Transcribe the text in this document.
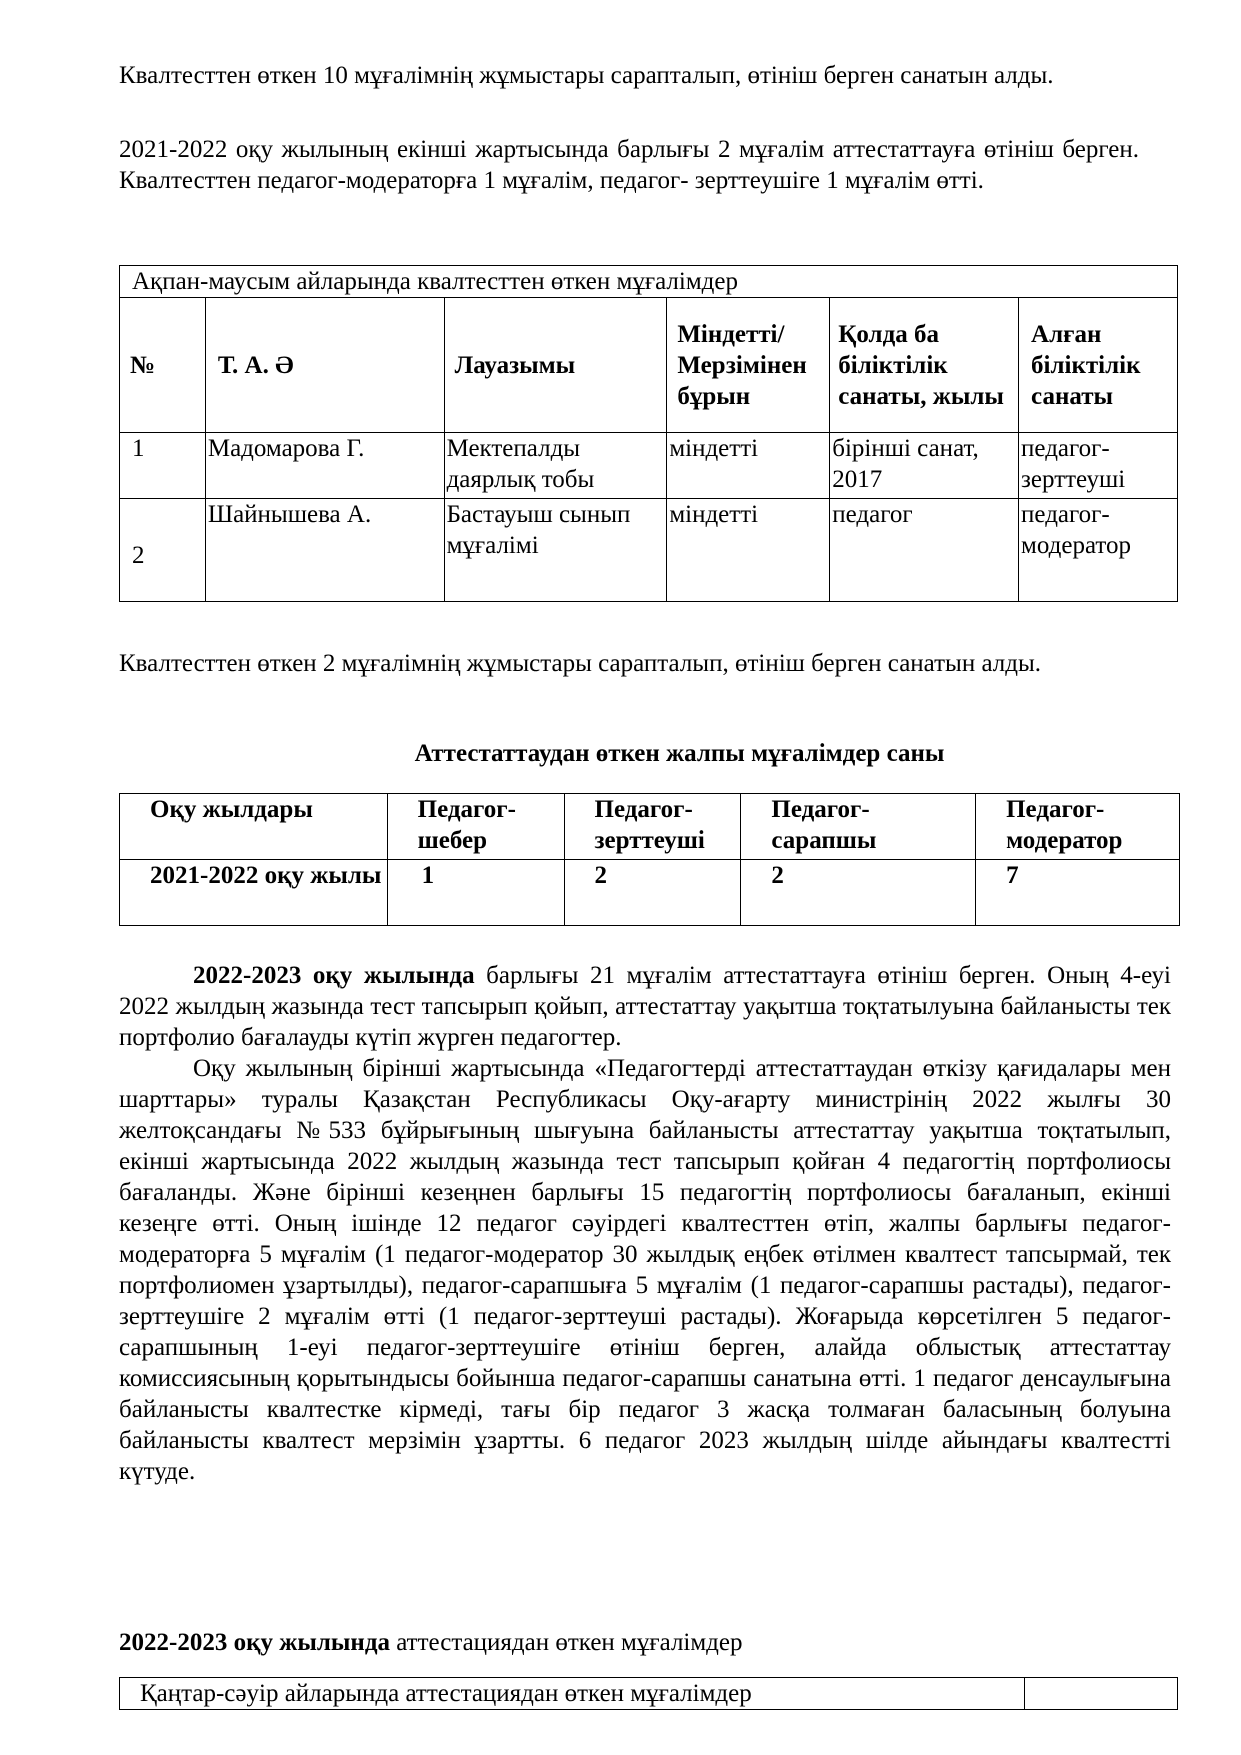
Квалтесттен өткен 10 мұғалімнің жұмыстары сарапталып, өтініш берген санатын алды.

2021-2022 оқу жылының екінші жартысында барлығы 2 мұғалім аттестаттауға өтініш берген. Квалтесттен педагог-модераторға 1 мұғалім, педагог- зерттеушіге 1 мұғалім өтті.

Ақпан-маусым айларында квалтесттен өткен мұғалімдер					
№	Т. А. Ә	Лауазымы	Міндетті/ Мерзімінен бұрын	Қолда ба біліктілік санаты, жылы	Алған біліктілік санаты
1	Мадомарова Г.	Мектепалды даярлық тобы	міндетті	бірінші санат, 2017	педагог-зерттеуші
2	Шайнышева А.	Бастауыш сынып мұғалімі	міндетті	педагог	педагог-модератор

Квалтесттен өткен 2 мұғалімнің жұмыстары сарапталып, өтініш берген санатын алды.

Аттестаттаудан өткен жалпы мұғалімдер саны
Оқу жылдары	Педагог-шебер	Педагог-зерттеуші	Педагог-сарапшы	Педагог-модератор
2021-2022 оқу жылы	1	2	2	7

2022-2023 оқу жылында барлығы 21 мұғалім аттестаттауға өтініш берген. Оның 4-еуі 2022 жылдың жазында тест тапсырып қойып, аттестаттау уақытша тоқтатылуына байланысты тек портфолио бағалауды күтіп жүрген педагогтер.

Оқу жылының бірінші жартысында «Педагогтерді аттестаттаудан өткізу қағидалары мен шарттары» туралы Қазақстан Республикасы Оқу-ағарту министрінің 2022 жылғы 30 желтоқсандағы №533 бұйрығының шығуына байланысты аттестаттау уақытша тоқтатылып, екінші жартысында 2022 жылдың жазында тест тапсырып қойған 4 педагогтің портфолиосы бағаланды. Және бірінші кезеңнен барлығы 15 педагогтің портфолиосы бағаланып, екінші кезеңге өтті. Оның ішінде 12 педагог сәуірдегі квалтесттен өтіп, жалпы барлығы педагог-модераторға 5 мұғалім (1 педагог-модератор 30 жылдық еңбек өтілмен квалтест тапсырмай, тек портфолиомен ұзартылды), педагог-сарапшыға 5 мұғалім (1 педагог-сарапшы растады), педагог-зерттеушіге 2 мұғалім өтті (1 педагог-зерттеуші растады). Жоғарыда көрсетілген 5 педагог-сарапшының 1-еуі педагог-зерттеушіге өтініш берген, алайда облыстық аттестаттау комиссиясының қорытындысы бойынша педагог-сарапшы санатына өтті. 1 педагог денсаулығына байланысты квалтестке кірмеді, тағы бір педагог 3 жасқа толмаған баласының болуына байланысты квалтест мерзімін ұзартты. 6 педагог 2023 жылдың шілде айындағы квалтестті күтуде.

2022-2023 оқу жылында аттестациядан өткен мұғалімдер
Қаңтар-сәуір айларында аттестациядан өткен мұғалімдер	
